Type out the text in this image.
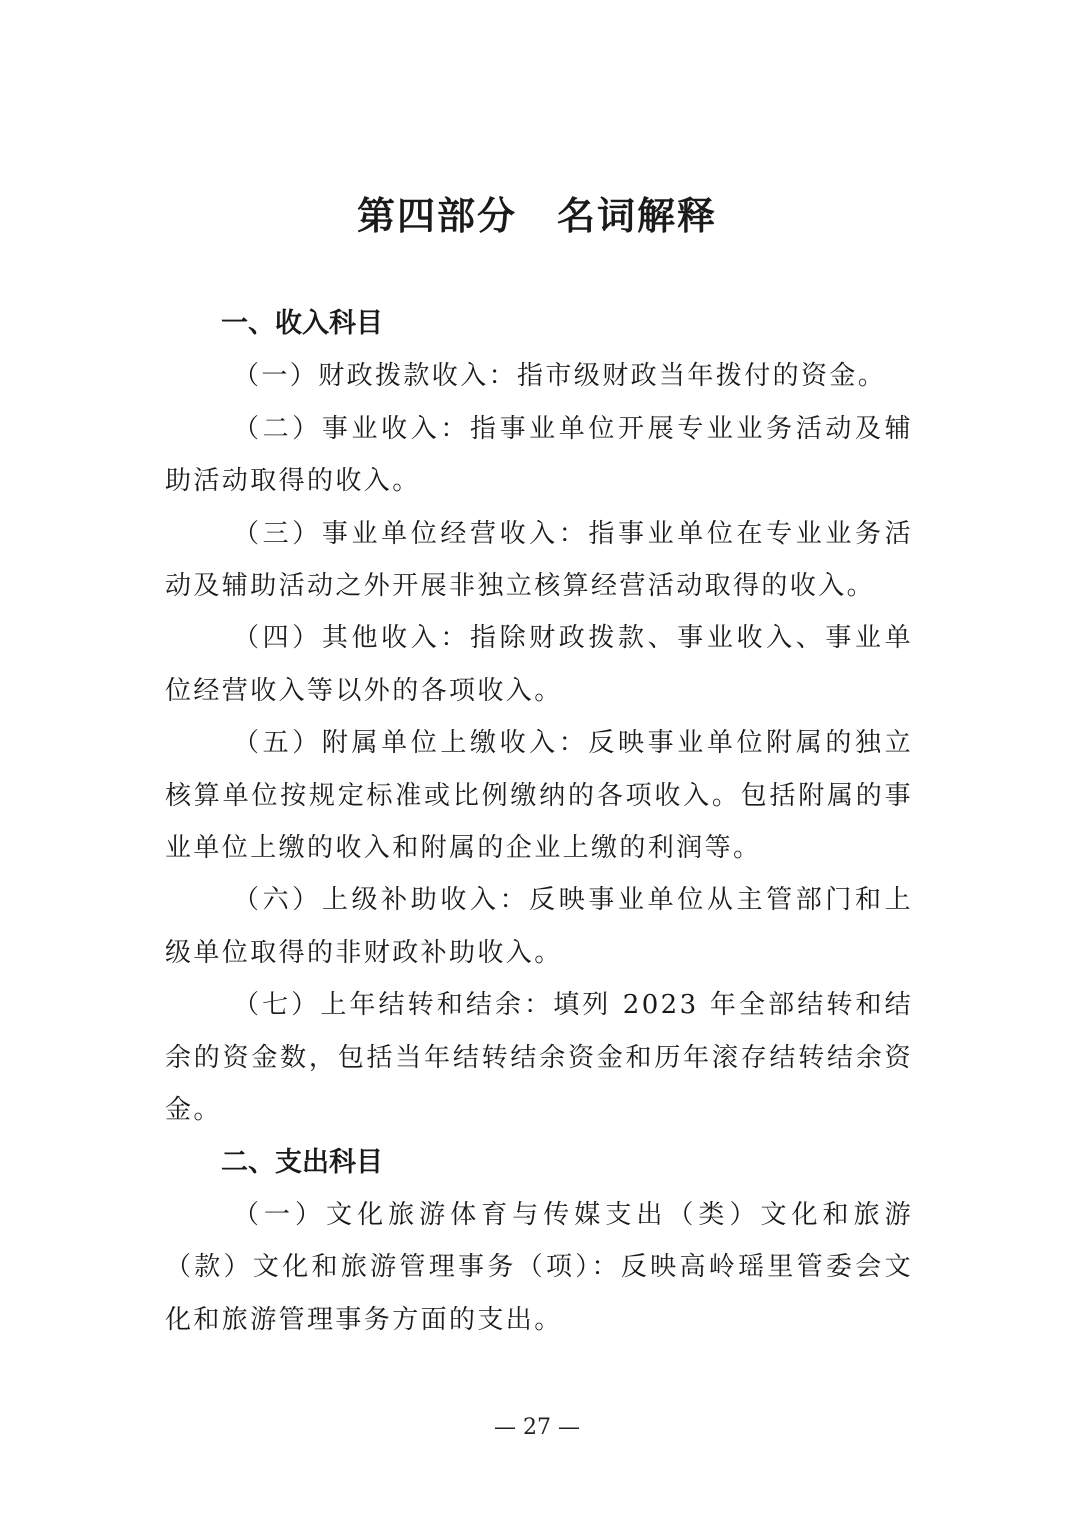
第四部分 名词解释

一、收入科目

（一）财政拨款收入：指市级财政当年拨付的资金。

（二）事业收入：指事业单位开展专业业务活动及辅助活动取得的收入。

（三）事业单位经营收入：指事业单位在专业业务活动及辅助活动之外开展非独立核算经营活动取得的收入。

（四）其他收入：指除财政拨款、事业收入、事业单位经营收入等以外的各项收入。

（五）附属单位上缴收入：反映事业单位附属的独立核算单位按规定标准或比例缴纳的各项收入。包括附属的事业单位上缴的收入和附属的企业上缴的利润等。

（六）上级补助收入：反映事业单位从主管部门和上级单位取得的非财政补助收入。

（七）上年结转和结余：填列 2023 年全部结转和结余的资金数，包括当年结转结余资金和历年滚存结转结余资金。

二、支出科目

（一）文化旅游体育与传媒支出（类）文化和旅游（款）文化和旅游管理事务（项）：反映高岭瑶里管委会文化和旅游管理事务方面的支出。

— 27 —
